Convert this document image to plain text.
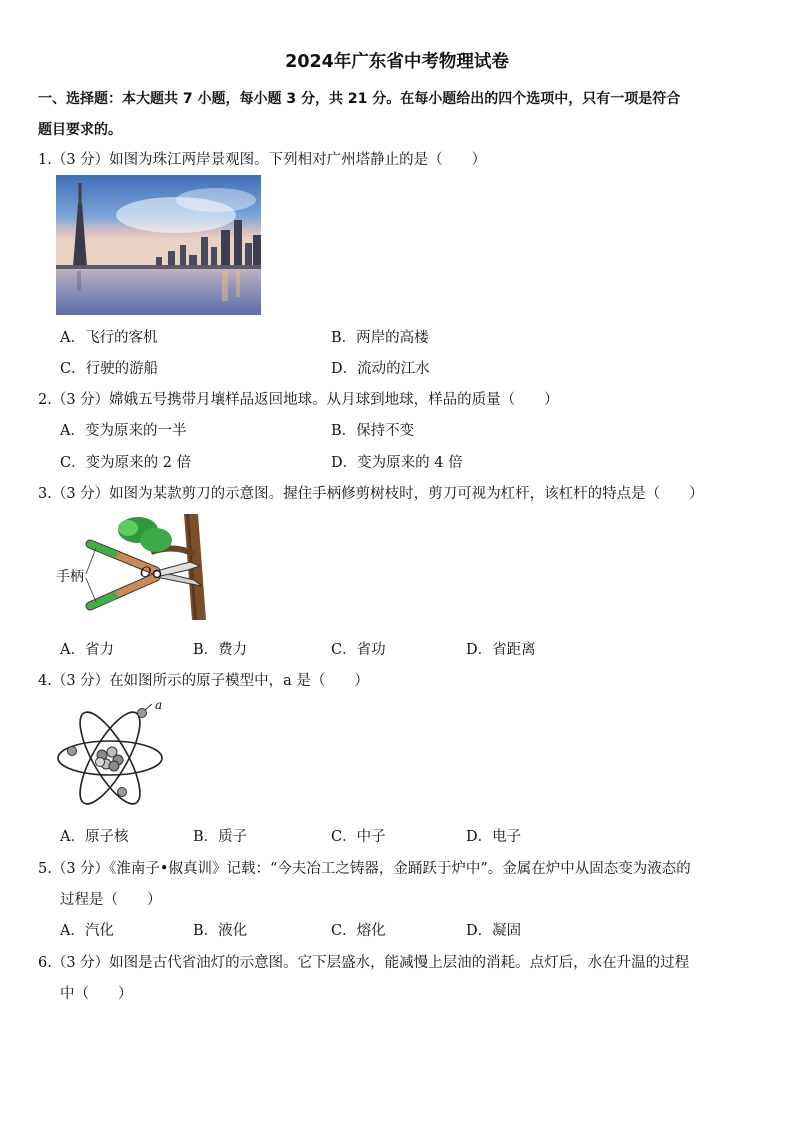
2024年广东省中考物理试卷
一、选择题：本大题共 7 小题，每小题 3 分，共 21 分。在每小题给出的四个选项中，只有一项是符合
题目要求的。
1.（3 分）如图为珠江两岸景观图。下列相对广州塔静止的是（　　）
A．飞行的客机	B．两岸的高楼
C．行驶的游船	D．流动的江水
2.（3 分）嫦娥五号携带月壤样品返回地球。从月球到地球，样品的质量（　　）
A．变为原来的一半	B．保持不变
C．变为原来的 2 倍	D．变为原来的 4 倍
3.（3 分）如图为某款剪刀的示意图。握住手柄修剪树枝时，剪刀可视为杠杆，该杠杆的特点是（　　）
手柄	O
A．省力	B．费力	C．省功	D．省距离
4.（3 分）在如图所示的原子模型中，a 是（　　）
a
A．原子核	B．质子	C．中子	D．电子
5.（3 分）《淮南子•俶真训》记载：“今夫冶工之铸器，金踊跃于炉中”。金属在炉中从固态变为液态的
过程是（　　）
A．汽化	B．液化	C．熔化	D．凝固
6.（3 分）如图是古代省油灯的示意图。它下层盛水，能减慢上层油的消耗。点灯后，水在升温的过程
中（　　）
